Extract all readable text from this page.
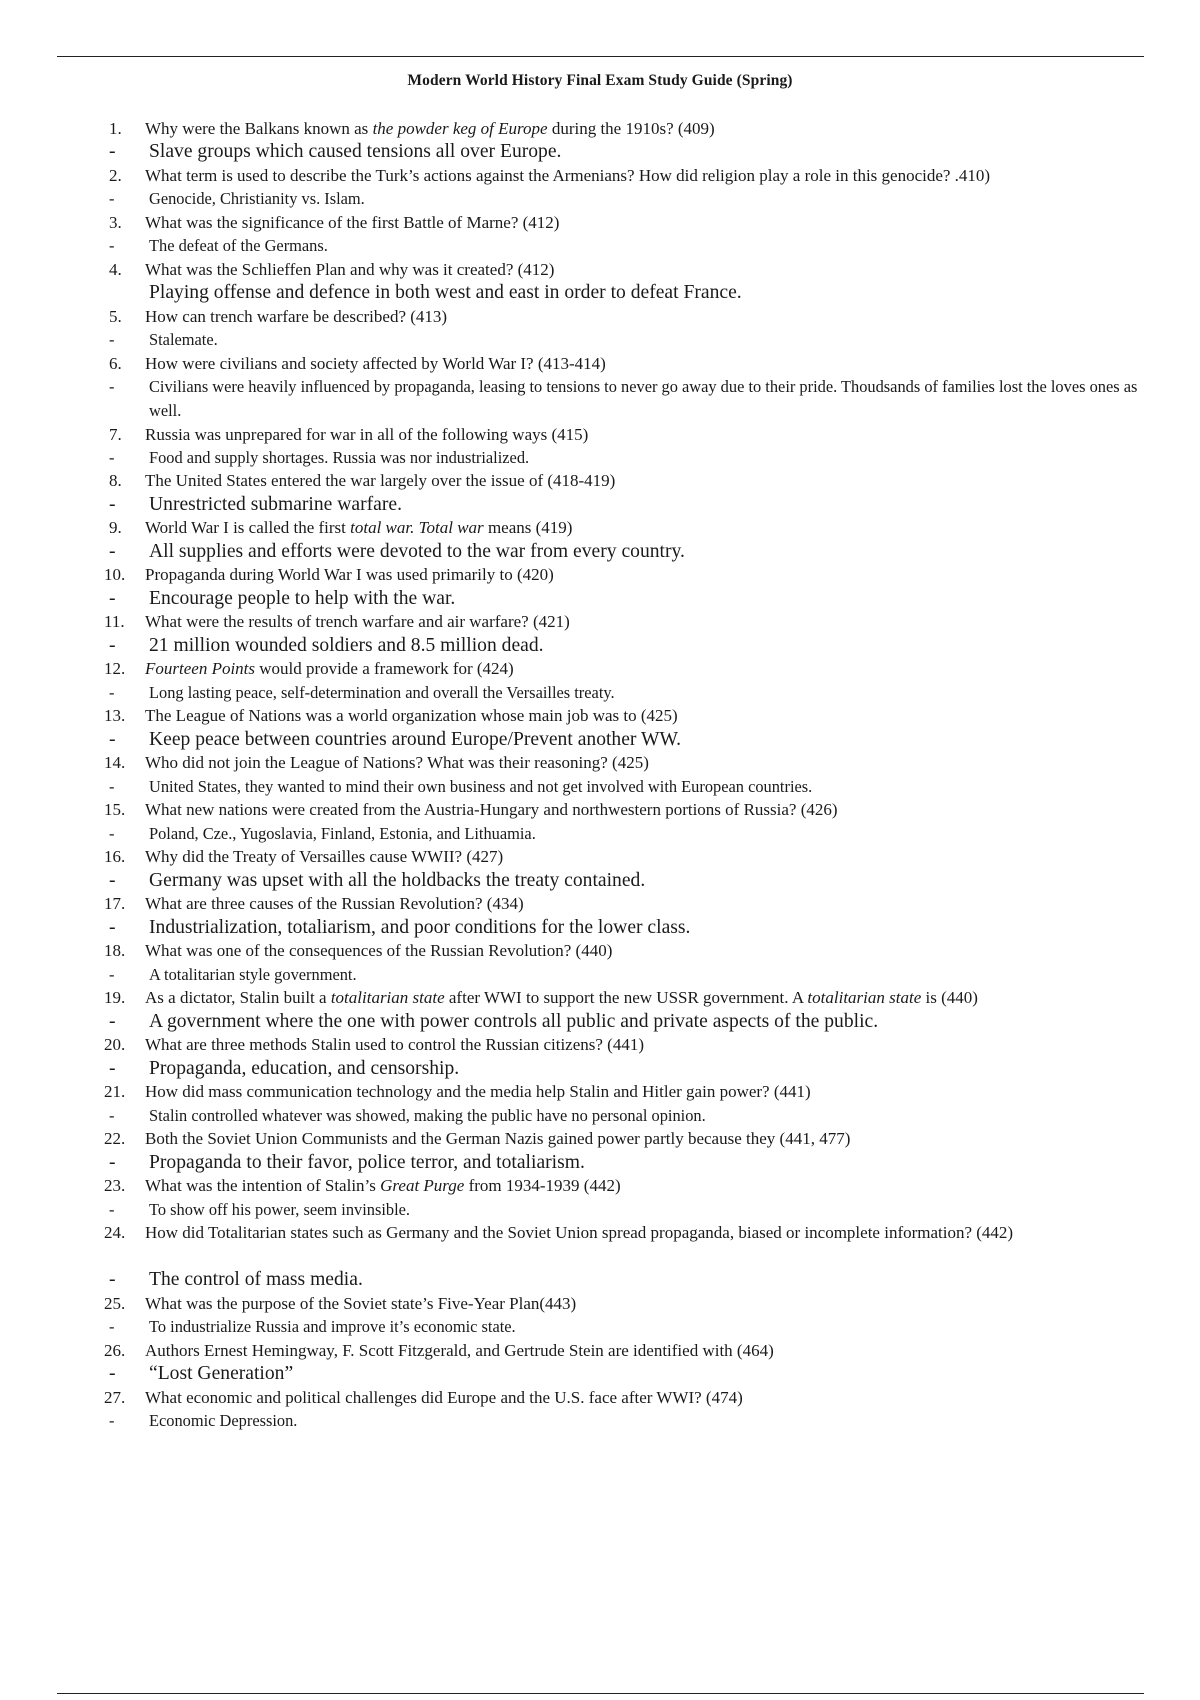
Modern World History Final Exam Study Guide (Spring)
1. Why were the Balkans known as the powder keg of Europe during the 1910s? (409)
- Slave groups which caused tensions all over Europe.
2. What term is used to describe the Turk’s actions against the Armenians? How did religion play a role in this genocide? .410)
- Genocide, Christianity vs. Islam.
3. What was the significance of the first Battle of Marne? (412)
- The defeat of the Germans.
4. What was the Schlieffen Plan and why was it created? (412)
Playing offense and defence in both west and east in order to defeat France.
5. How can trench warfare be described? (413)
- Stalemate.
6. How were civilians and society affected by World War I? (413-414)
- Civilians were heavily influenced by propaganda, leasing to tensions to never go away due to their pride. Thoudsands of families lost the loves ones as well.
7. Russia was unprepared for war in all of the following ways (415)
- Food and supply shortages. Russia was nor industrialized.
8. The United States entered the war largely over the issue of (418-419)
- Unrestricted submarine warfare.
9. World War I is called the first total war. Total war means (419)
- All supplies and efforts were devoted to the war from every country.
10. Propaganda during World War I was used primarily to (420)
- Encourage people to help with the war.
11. What were the results of trench warfare and air warfare? (421)
- 21 million wounded soldiers and 8.5 million dead.
12. Fourteen Points would provide a framework for (424)
- Long lasting peace, self-determination and overall the Versailles treaty.
13. The League of Nations was a world organization whose main job was to (425)
- Keep peace between countries around Europe/Prevent another WW.
14. Who did not join the League of Nations? What was their reasoning? (425)
- United States, they wanted to mind their own business and not get involved with European countries.
15. What new nations were created from the Austria-Hungary and northwestern portions of Russia? (426)
- Poland, Cze., Yugoslavia, Finland, Estonia, and Lithuamia.
16. Why did the Treaty of Versailles cause WWII? (427)
- Germany was upset with all the holdbacks the treaty contained.
17. What are three causes of the Russian Revolution? (434)
- Industrialization, totaliarism, and poor conditions for the lower class.
18. What was one of the consequences of the Russian Revolution? (440)
- A totalitarian style government.
19. As a dictator, Stalin built a totalitarian state after WWI to support the new USSR government. A totalitarian state is (440)
- A government where the one with power controls all public and private aspects of the public.
20. What are three methods Stalin used to control the Russian citizens? (441)
- Propaganda, education, and censorship.
21. How did mass communication technology and the media help Stalin and Hitler gain power? (441)
- Stalin controlled whatever was showed, making the public have no personal opinion.
22. Both the Soviet Union Communists and the German Nazis gained power partly because they (441, 477)
- Propaganda to their favor, police terror, and totaliarism.
23. What was the intention of Stalin’s Great Purge from 1934-1939 (442)
- To show off his power, seem invinsible.
24. How did Totalitarian states such as Germany and the Soviet Union spread propaganda, biased or incomplete information? (442)
- The control of mass media.
25. What was the purpose of the Soviet state’s Five-Year Plan(443)
- To industrialize Russia and improve it’s economic state.
26. Authors Ernest Hemingway, F. Scott Fitzgerald, and Gertrude Stein are identified with (464)
- “Lost Generation”
27. What economic and political challenges did Europe and the U.S. face after WWI? (474)
- Economic Depression.
